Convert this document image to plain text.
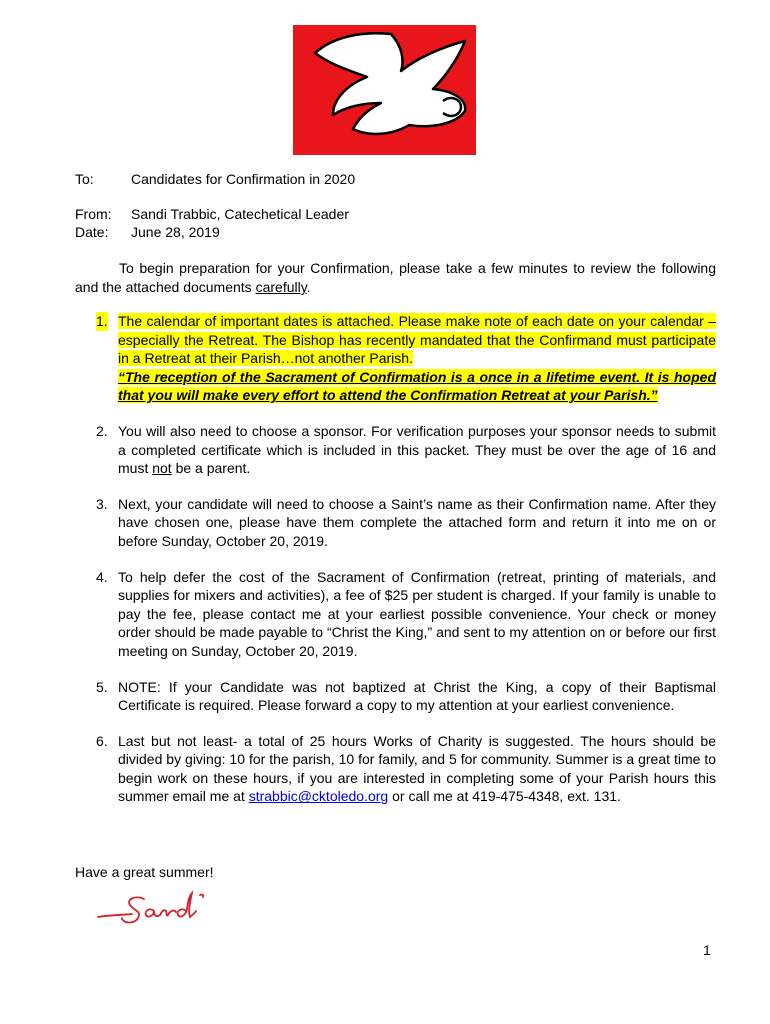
To:	Candidates for Confirmation in 2020
From: Sandi Trabbic, Catechetical Leader
Date: June 28, 2019
To begin preparation for your Confirmation, please take a few minutes to review the following and the attached documents carefully.
1. The calendar of important dates is attached. Please make note of each date on your calendar – especially the Retreat. The Bishop has recently mandated that the Confirmand must participate in a Retreat at their Parish…not another Parish.
“The reception of the Sacrament of Confirmation is a once in a lifetime event. It is hoped that you will make every effort to attend the Confirmation Retreat at your Parish.”
2. You will also need to choose a sponsor. For verification purposes your sponsor needs to submit a completed certificate which is included in this packet. They must be over the age of 16 and must not be a parent.
3. Next, your candidate will need to choose a Saint’s name as their Confirmation name. After they have chosen one, please have them complete the attached form and return it into me on or before Sunday, October 20, 2019.
4. To help defer the cost of the Sacrament of Confirmation (retreat, printing of materials, and supplies for mixers and activities), a fee of $25 per student is charged. If your family is unable to pay the fee, please contact me at your earliest possible convenience. Your check or money order should be made payable to “Christ the King,” and sent to my attention on or before our first meeting on Sunday, October 20, 2019.
5. NOTE: If your Candidate was not baptized at Christ the King, a copy of their Baptismal Certificate is required. Please forward a copy to my attention at your earliest convenience.
6. Last but not least- a total of 25 hours Works of Charity is suggested. The hours should be divided by giving: 10 for the parish, 10 for family, and 5 for community. Summer is a great time to begin work on these hours, if you are interested in completing some of your Parish hours this summer email me at strabbic@cktoledo.org or call me at 419-475-4348, ext. 131.
Have a great summer!
1
